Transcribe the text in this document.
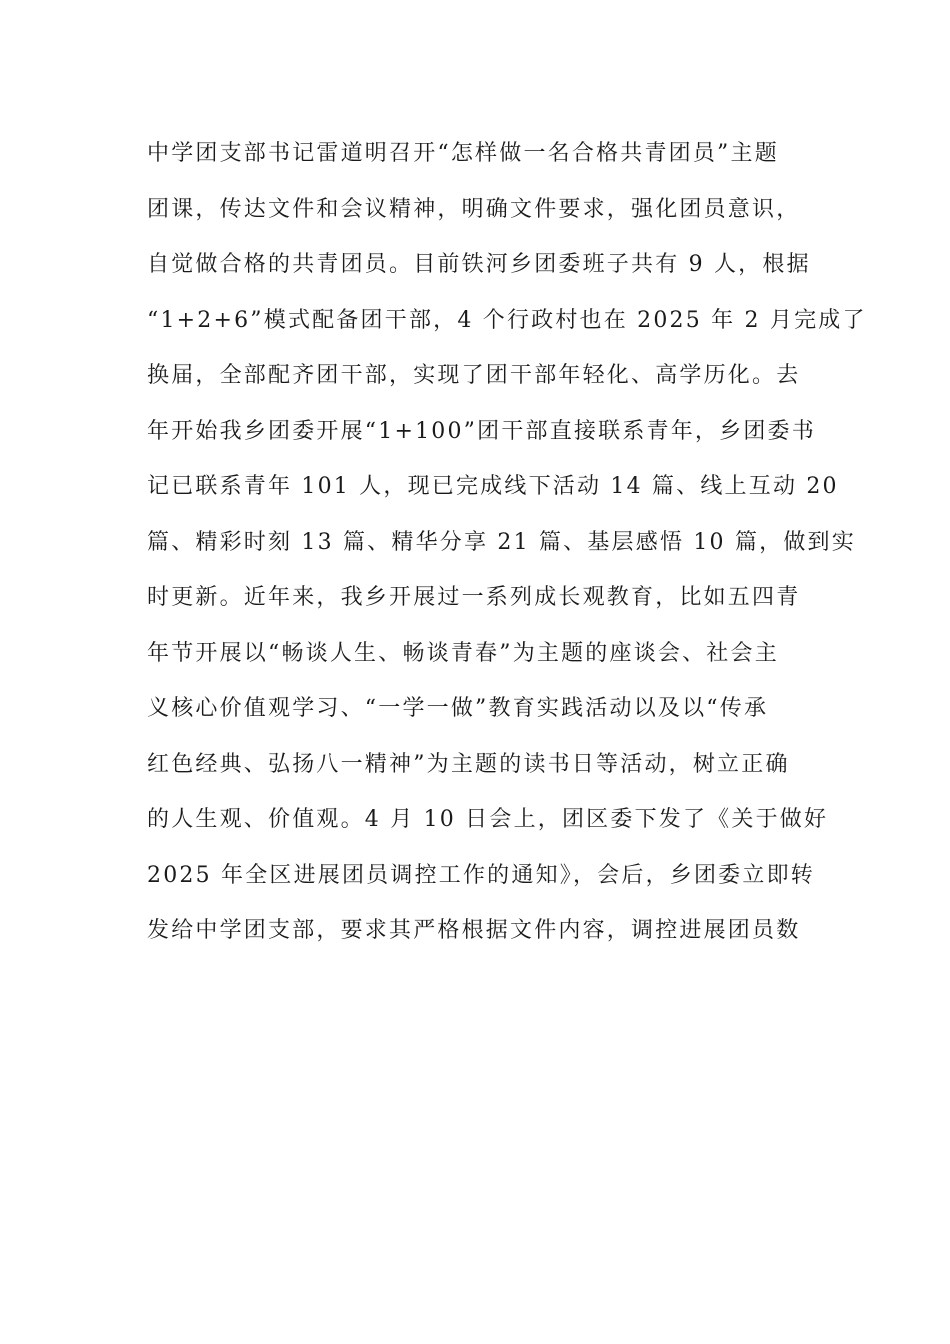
中学团支部书记雷道明召开“怎样做一名合格共青团员”主题
团课，传达文件和会议精神，明确文件要求，强化团员意识，
自觉做合格的共青团员。目前铁河乡团委班子共有 9 人，根据
“1+2+6”模式配备团干部，4 个行政村也在 2025 年 2 月完成了
换届，全部配齐团干部，实现了团干部年轻化、高学历化。去
年开始我乡团委开展“1+100”团干部直接联系青年，乡团委书
记已联系青年 101 人，现已完成线下活动 14 篇、线上互动 20
篇、精彩时刻 13 篇、精华分享 21 篇、基层感悟 10 篇，做到实
时更新。近年来，我乡开展过一系列成长观教育，比如五四青
年节开展以“畅谈人生、畅谈青春”为主题的座谈会、社会主
义核心价值观学习、“一学一做”教育实践活动以及以“传承
红色经典、弘扬八一精神”为主题的读书日等活动，树立正确
的人生观、价值观。4 月 10 日会上，团区委下发了《关于做好
2025 年全区进展团员调控工作的通知》，会后，乡团委立即转
发给中学团支部，要求其严格根据文件内容，调控进展团员数
